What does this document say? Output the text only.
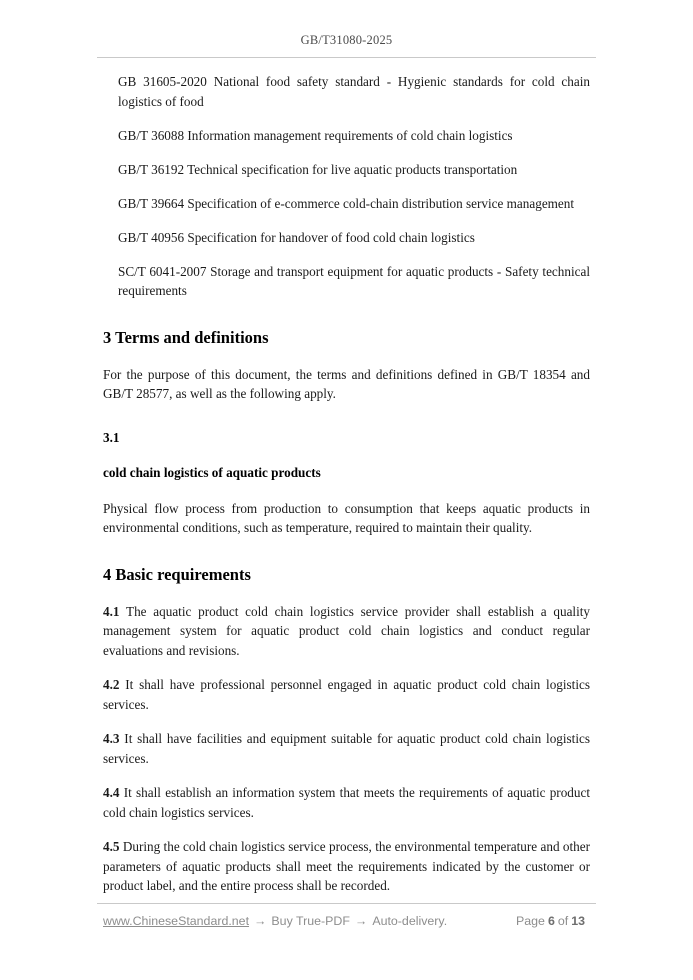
GB/T31080-2025

GB 31605-2020 National food safety standard - Hygienic standards for cold chain logistics of food

GB/T 36088 Information management requirements of cold chain logistics

GB/T 36192 Technical specification for live aquatic products transportation

GB/T 39664 Specification of e-commerce cold-chain distribution service management

GB/T 40956 Specification for handover of food cold chain logistics

SC/T 6041-2007 Storage and transport equipment for aquatic products - Safety technical requirements

3 Terms and definitions

For the purpose of this document, the terms and definitions defined in GB/T 18354 and GB/T 28577, as well as the following apply.

3.1

cold chain logistics of aquatic products

Physical flow process from production to consumption that keeps aquatic products in environmental conditions, such as temperature, required to maintain their quality.

4 Basic requirements

4.1 The aquatic product cold chain logistics service provider shall establish a quality management system for aquatic product cold chain logistics and conduct regular evaluations and revisions.

4.2 It shall have professional personnel engaged in aquatic product cold chain logistics services.

4.3 It shall have facilities and equipment suitable for aquatic product cold chain logistics services.

4.4 It shall establish an information system that meets the requirements of aquatic product cold chain logistics services.

4.5 During the cold chain logistics service process, the environmental temperature and other parameters of aquatic products shall meet the requirements indicated by the customer or product label, and the entire process shall be recorded.

www.ChineseStandard.net → Buy True-PDF → Auto-delivery.	Page 6 of 13
